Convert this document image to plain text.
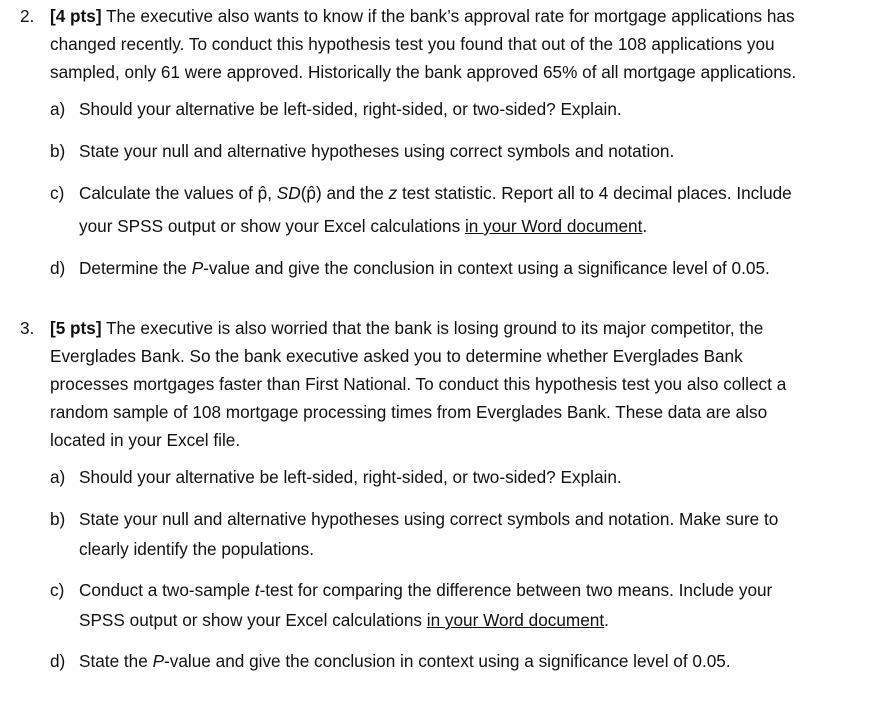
2. [4 pts] The executive also wants to know if the bank’s approval rate for mortgage applications has
changed recently. To conduct this hypothesis test you found that out of the 108 applications you
sampled, only 61 were approved. Historically the bank approved 65% of all mortgage applications.
a) Should your alternative be left-sided, right-sided, or two-sided? Explain.
b) State your null and alternative hypotheses using correct symbols and notation.
c) Calculate the values of p̂, SD(p̂) and the z test statistic. Report all to 4 decimal places. Include
your SPSS output or show your Excel calculations in your Word document.
d) Determine the P-value and give the conclusion in context using a significance level of 0.05.
3. [5 pts] The executive is also worried that the bank is losing ground to its major competitor, the
Everglades Bank. So the bank executive asked you to determine whether Everglades Bank
processes mortgages faster than First National. To conduct this hypothesis test you also collect a
random sample of 108 mortgage processing times from Everglades Bank. These data are also
located in your Excel file.
a) Should your alternative be left-sided, right-sided, or two-sided? Explain.
b) State your null and alternative hypotheses using correct symbols and notation. Make sure to
clearly identify the populations.
c) Conduct a two-sample t-test for comparing the difference between two means. Include your
SPSS output or show your Excel calculations in your Word document.
d) State the P-value and give the conclusion in context using a significance level of 0.05.
